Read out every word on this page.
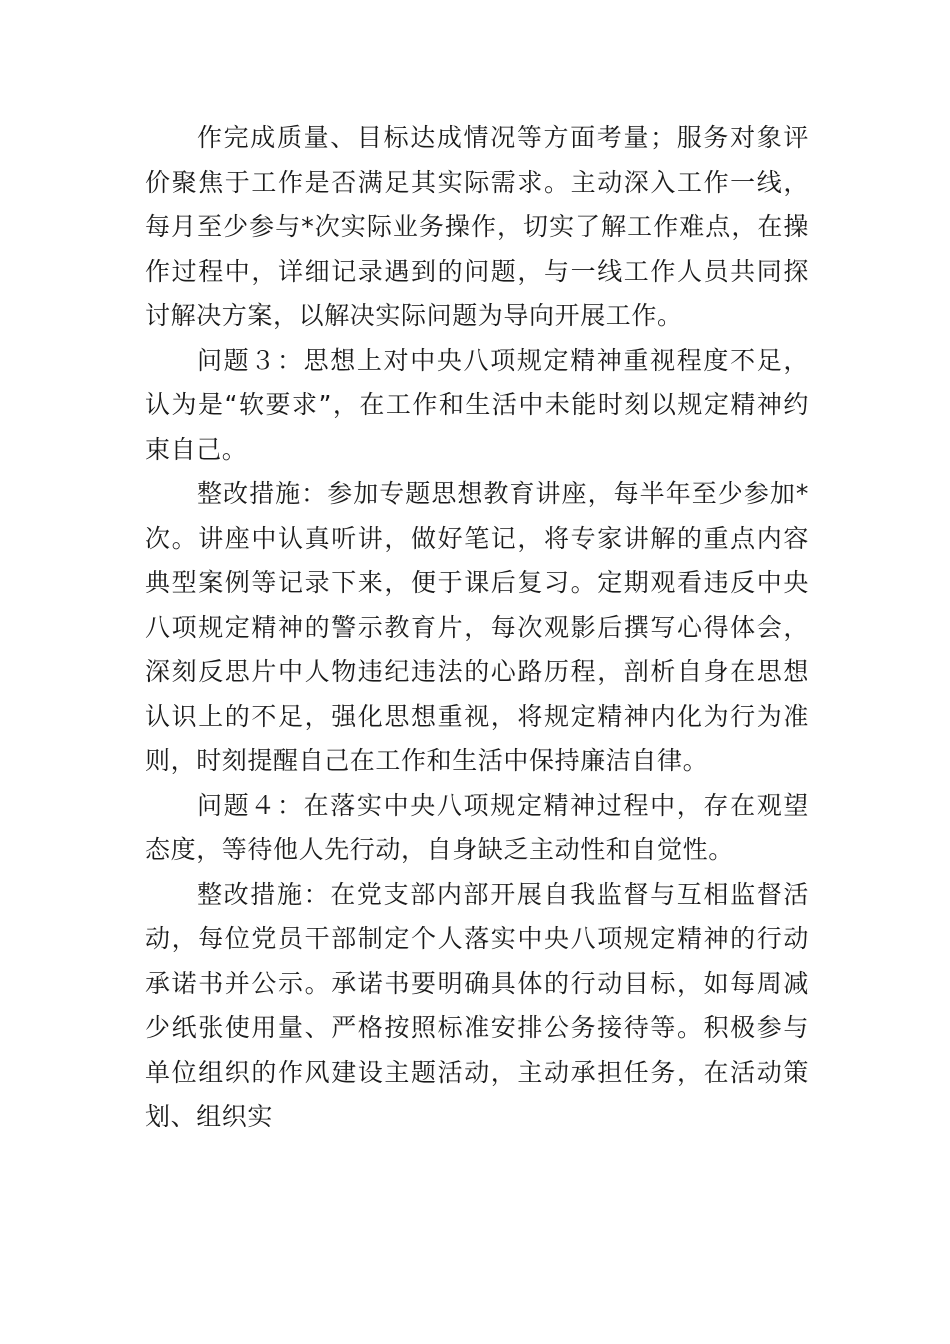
作完成质量、目标达成情况等方面考量；服务对象评价聚焦于工作是否满足其实际需求。主动深入工作一线，每月至少参与*次实际业务操作，切实了解工作难点，在操作过程中，详细记录遇到的问题，与一线工作人员共同探讨解决方案，以解决实际问题为导向开展工作。

问题３：思想上对中央八项规定精神重视程度不足，认为是“软要求”，在工作和生活中未能时刻以规定精神约束自己。

整改措施：参加专题思想教育讲座，每半年至少参加*次。讲座中认真听讲，做好笔记，将专家讲解的重点内容典型案例等记录下来，便于课后复习。定期观看违反中央八项规定精神的警示教育片，每次观影后撰写心得体会，深刻反思片中人物违纪违法的心路历程，剖析自身在思想认识上的不足，强化思想重视，将规定精神内化为行为准则，时刻提醒自己在工作和生活中保持廉洁自律。

问题４：在落实中央八项规定精神过程中，存在观望态度，等待他人先行动，自身缺乏主动性和自觉性。

整改措施：在党支部内部开展自我监督与互相监督活动，每位党员干部制定个人落实中央八项规定精神的行动承诺书并公示。承诺书要明确具体的行动目标，如每周减少纸张使用量、严格按照标准安排公务接待等。积极参与单位组织的作风建设主题活动，主动承担任务，在活动策划、组织实
